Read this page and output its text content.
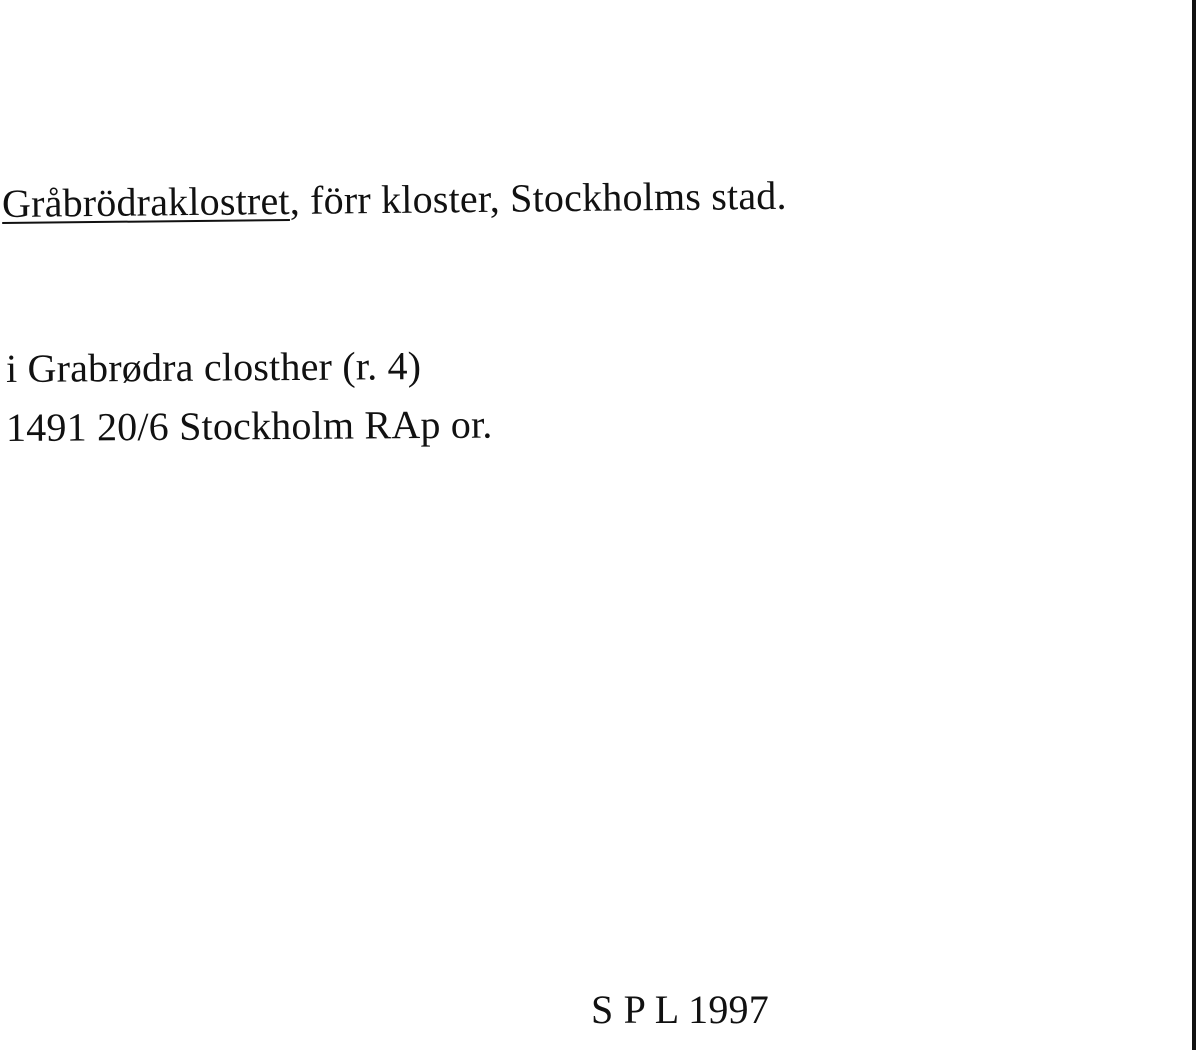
Gråbrödraklostret, förr kloster, Stockholms stad.
i Grabrødra closther (r. 4)
1491 20/6 Stockholm RAp or.
S P L 1997
